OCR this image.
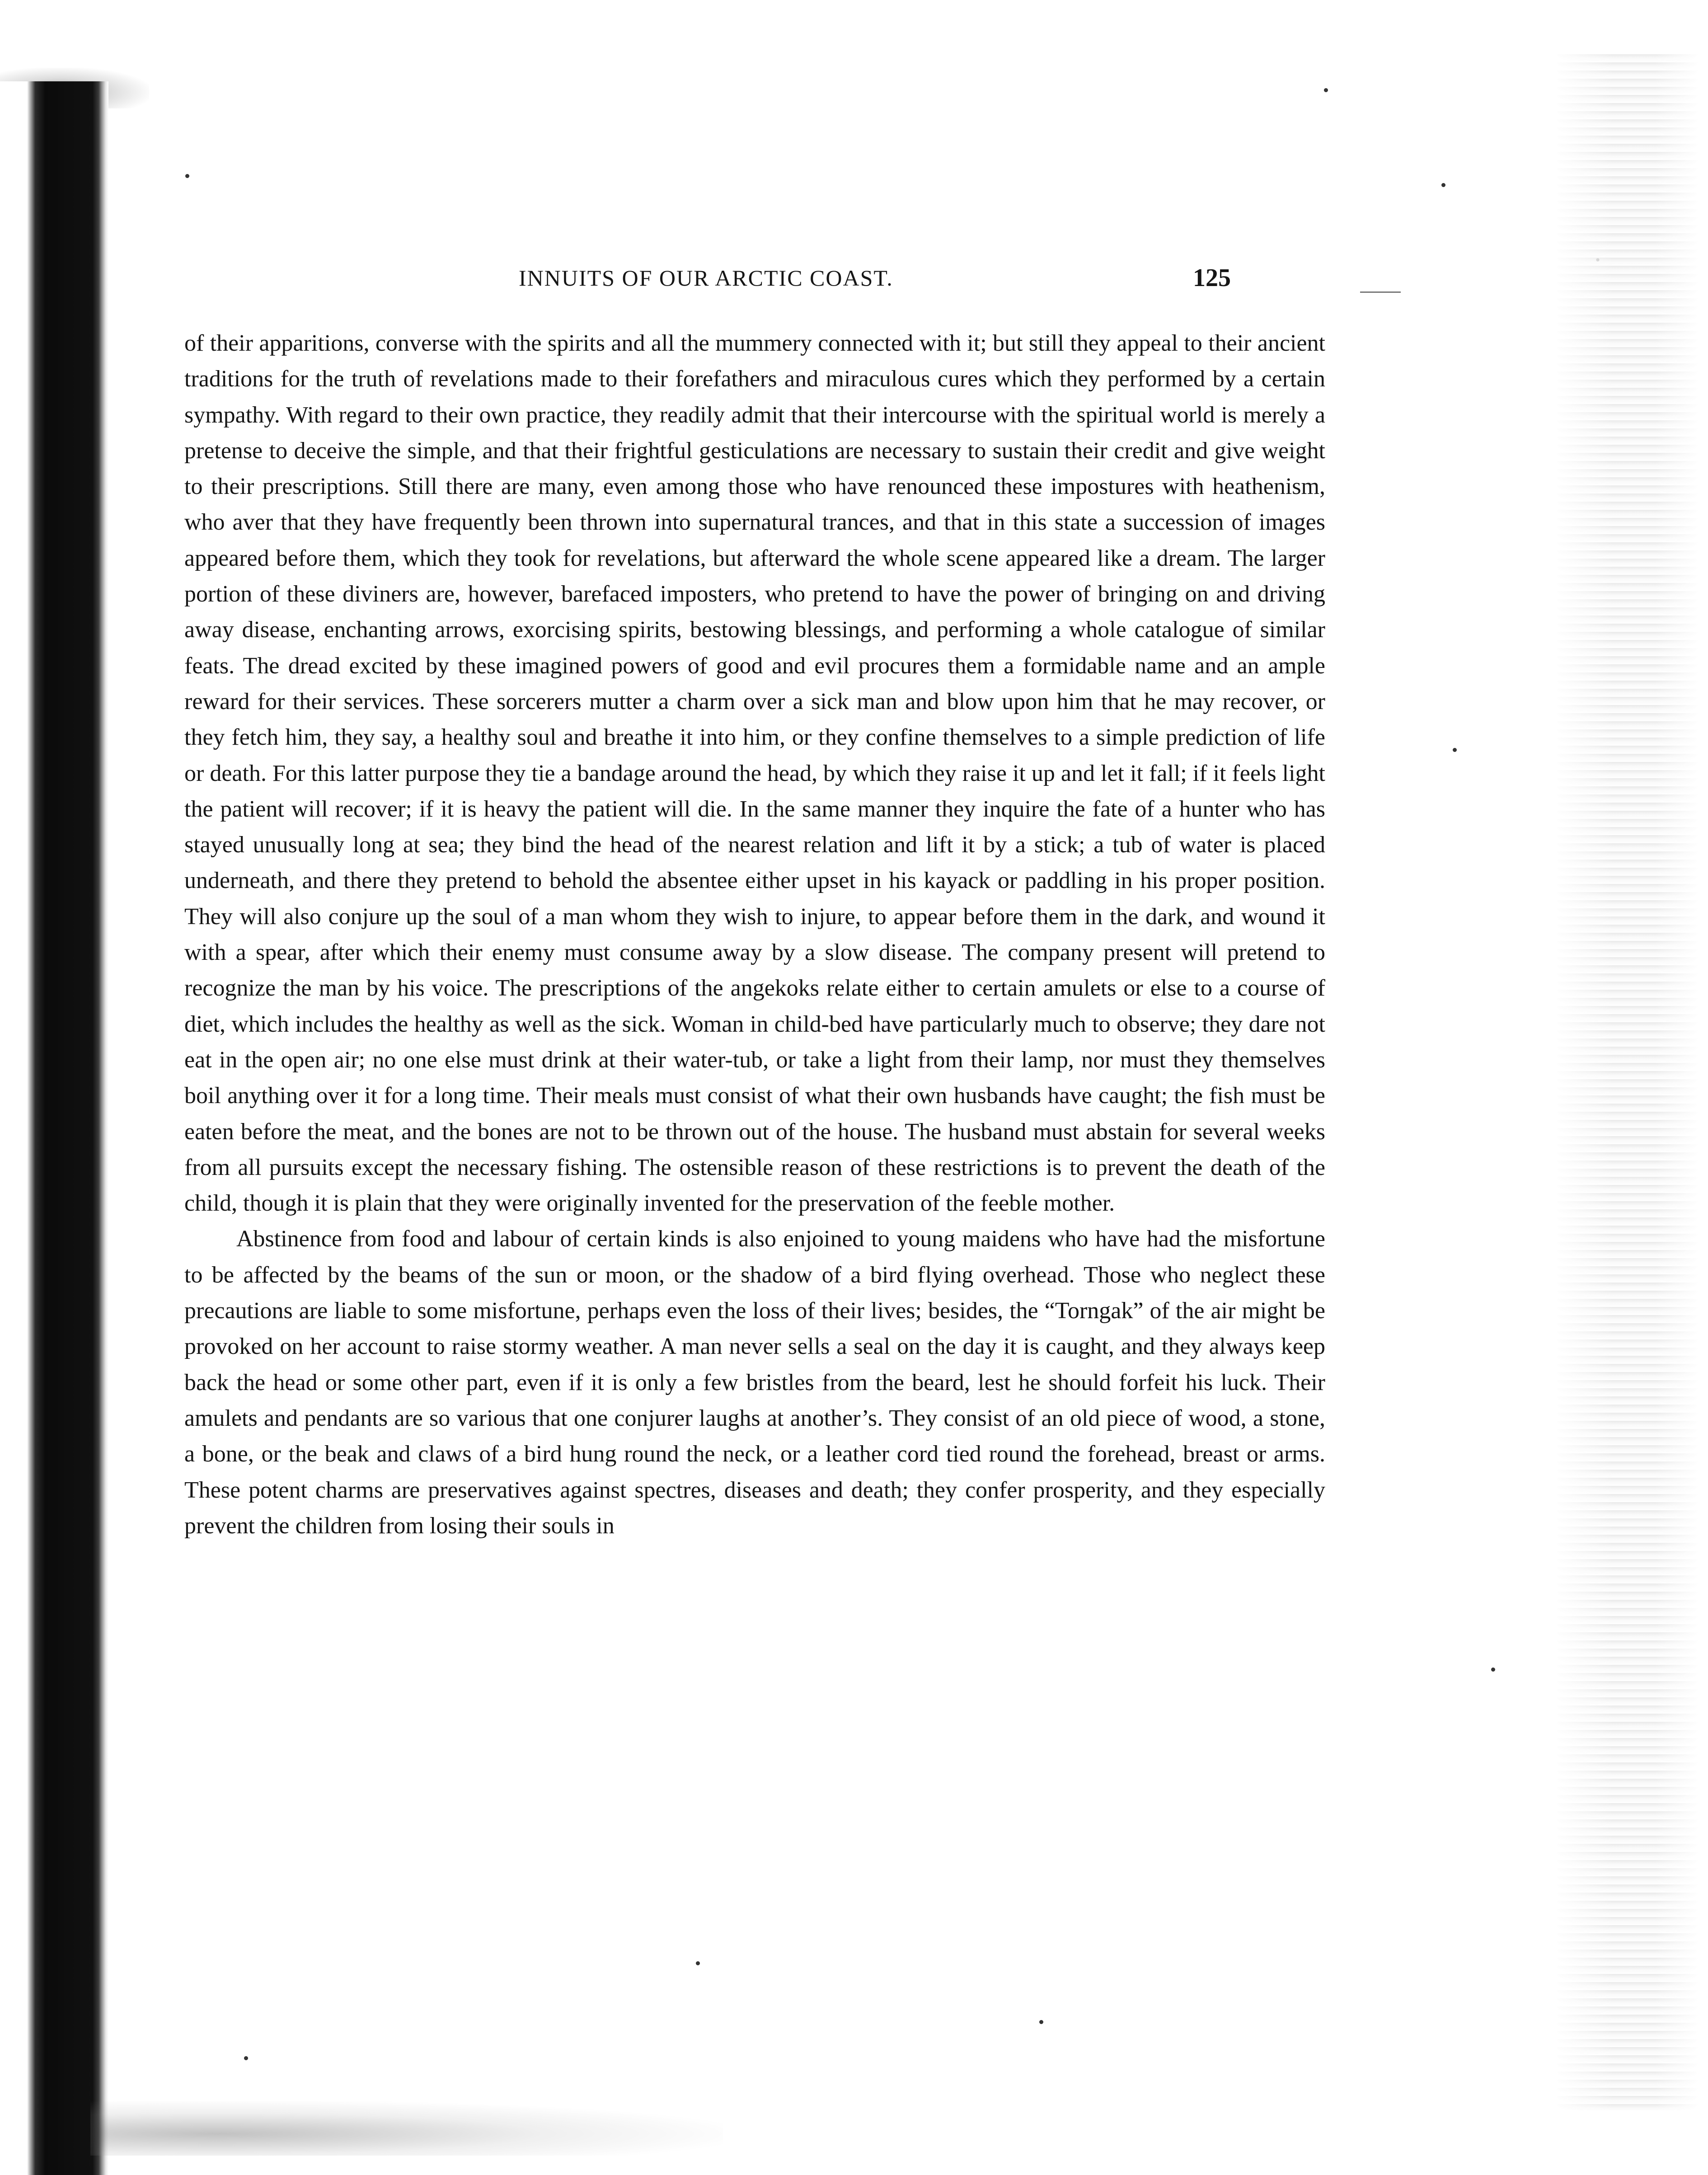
INNUITS OF OUR ARCTIC COAST.	125

of their apparitions, converse with the spirits and all the mummery connected with it; but still they appeal to their ancient traditions for the truth of revelations made to their forefathers and miraculous cures which they performed by a certain sympathy. With regard to their own practice, they readily admit that their intercourse with the spiritual world is merely a pretense to deceive the simple, and that their frightful gesticulations are necessary to sustain their credit and give weight to their prescriptions. Still there are many, even among those who have renounced these impostures with heathenism, who aver that they have frequently been thrown into supernatural trances, and that in this state a succession of images appeared before them, which they took for revelations, but afterward the whole scene appeared like a dream. The larger portion of these diviners are, however, barefaced imposters, who pretend to have the power of bringing on and driving away disease, enchanting arrows, exorcising spirits, bestowing blessings, and performing a whole catalogue of similar feats. The dread excited by these imagined powers of good and evil procures them a formidable name and an ample reward for their services. These sorcerers mutter a charm over a sick man and blow upon him that he may recover, or they fetch him, they say, a healthy soul and breathe it into him, or they confine themselves to a simple prediction of life or death. For this latter purpose they tie a bandage around the head, by which they raise it up and let it fall; if it feels light the patient will recover; if it is heavy the patient will die. In the same manner they inquire the fate of a hunter who has stayed unusually long at sea; they bind the head of the nearest relation and lift it by a stick; a tub of water is placed underneath, and there they pretend to behold the absentee either upset in his kayack or paddling in his proper position. They will also conjure up the soul of a man whom they wish to injure, to appear before them in the dark, and wound it with a spear, after which their enemy must consume away by a slow disease. The company present will pretend to recognize the man by his voice. The prescriptions of the angekoks relate either to certain amulets or else to a course of diet, which includes the healthy as well as the sick. Woman in child-bed have particularly much to observe; they dare not eat in the open air; no one else must drink at their water-tub, or take a light from their lamp, nor must they themselves boil anything over it for a long time. Their meals must consist of what their own husbands have caught; the fish must be eaten before the meat, and the bones are not to be thrown out of the house. The husband must abstain for several weeks from all pursuits except the necessary fishing. The ostensible reason of these restrictions is to prevent the death of the child, though it is plain that they were originally invented for the preservation of the feeble mother.

Abstinence from food and labour of certain kinds is also enjoined to young maidens who have had the misfortune to be affected by the beams of the sun or moon, or the shadow of a bird flying overhead. Those who neglect these precautions are liable to some misfortune, perhaps even the loss of their lives; besides, the “Torngak” of the air might be provoked on her account to raise stormy weather. A man never sells a seal on the day it is caught, and they always keep back the head or some other part, even if it is only a few bristles from the beard, lest he should forfeit his luck. Their amulets and pendants are so various that one conjurer laughs at another’s. They consist of an old piece of wood, a stone, a bone, or the beak and claws of a bird hung round the neck, or a leather cord tied round the forehead, breast or arms. These potent charms are preservatives against spectres, diseases and death; they confer prosperity, and they especially prevent the children from losing their souls in
